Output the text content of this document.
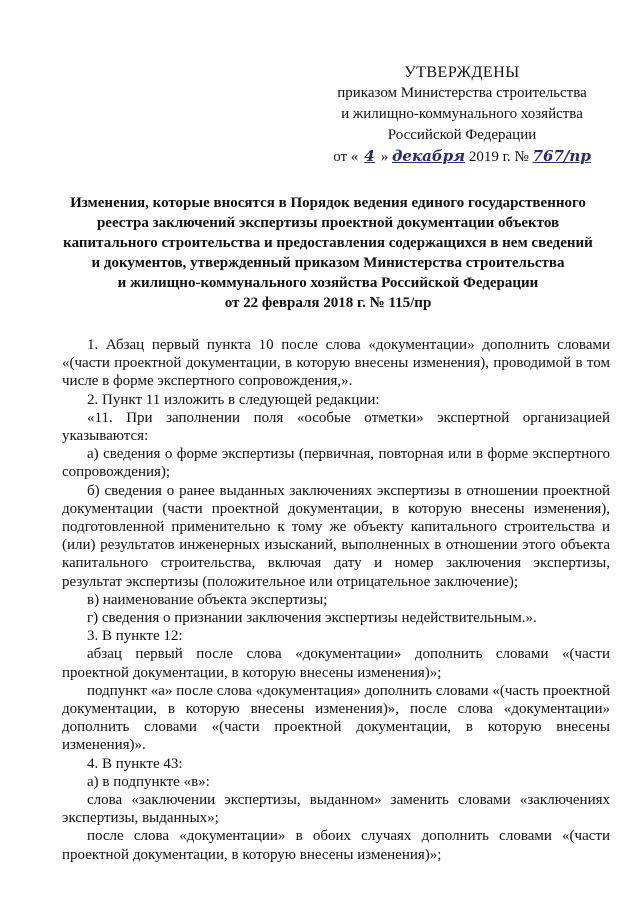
УТВЕРЖДЕНЫ
приказом Министерства строительства
и жилищно-коммунального хозяйства
Российской Федерации
от « 4 » декабря 2019 г. № 767/пр
Изменения, которые вносятся в Порядок ведения единого государственного
реестра заключений экспертизы проектной документации объектов
капитального строительства и предоставления содержащихся в нем сведений
и документов, утвержденный приказом Министерства строительства
и жилищно-коммунального хозяйства Российской Федерации
от 22 февраля 2018 г. № 115/пр

1. Абзац первый пункта 10 после слова «документации» дополнить словами «(части проектной документации, в которую внесены изменения), проводимой в том числе в форме экспертного сопровождения,».

2. Пункт 11 изложить в следующей редакции:

«11. При заполнении поля «особые отметки» экспертной организацией указываются:

а) сведения о форме экспертизы (первичная, повторная или в форме экспертного сопровождения);

б) сведения о ранее выданных заключениях экспертизы в отношении проектной документации (части проектной документации, в которую внесены изменения), подготовленной применительно к тому же объекту капитального строительства и (или) результатов инженерных изысканий, выполненных в отношении этого объекта капитального строительства, включая дату и номер заключения экспертизы, результат экспертизы (положительное или отрицательное заключение);

в) наименование объекта экспертизы;

г) сведения о признании заключения экспертизы недействительным.».

3. В пункте 12:

абзац первый после слова «документации» дополнить словами «(части проектной документации, в которую внесены изменения)»;

подпункт «а» после слова «документация» дополнить словами «(часть проектной документации, в которую внесены изменения)», после слова «документации» дополнить словами «(части проектной документации, в которую внесены изменения)».

4. В пункте 43:

а) в подпункте «в»:

слова «заключении экспертизы, выданном» заменить словами «заключениях экспертизы, выданных»;

после слова «документации» в обоих случаях дополнить словами «(части проектной документации, в которую внесены изменения)»;
